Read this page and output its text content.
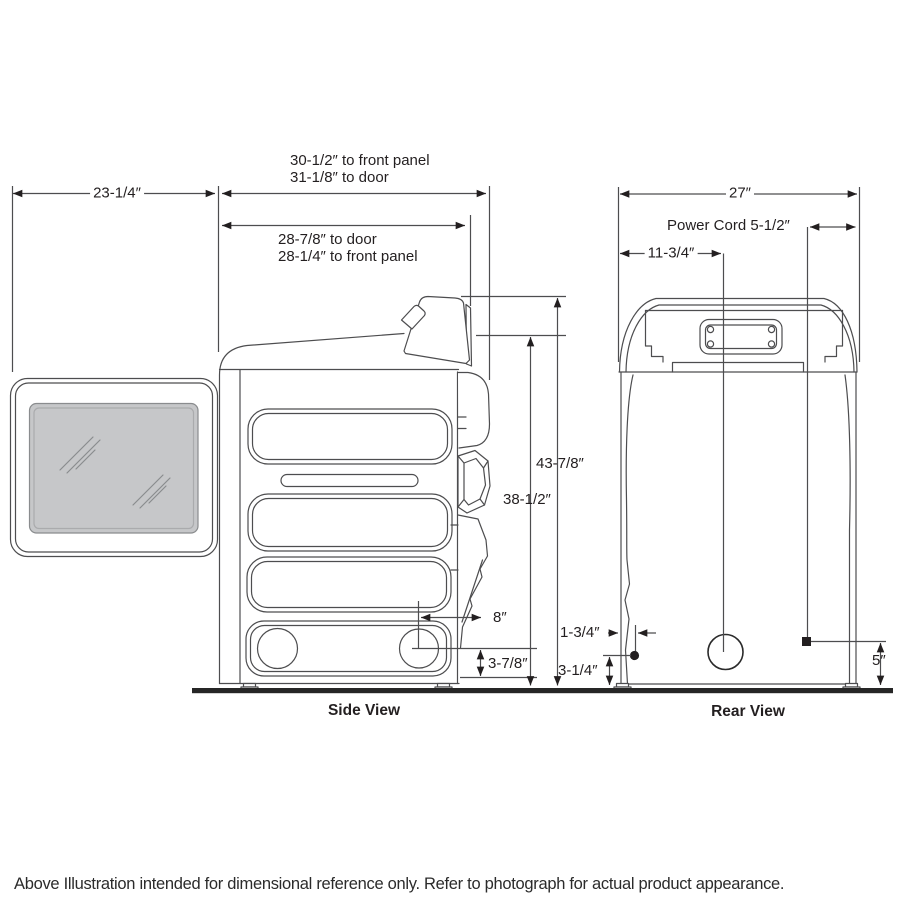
30-1/2″ to front panel
31-1/8″ to door
28-7/8″ to door
28-1/4″ to front panel
23-1/4″
43-7/8″
38-1/2″
8″
3-7/8″
27″
Power Cord 5-1/2″
11-3/4″
1-3/4″
3-1/4″
5″
Side View	Rear View
Above Illustration intended for dimensional reference only. Refer to photograph for actual product appearance.
